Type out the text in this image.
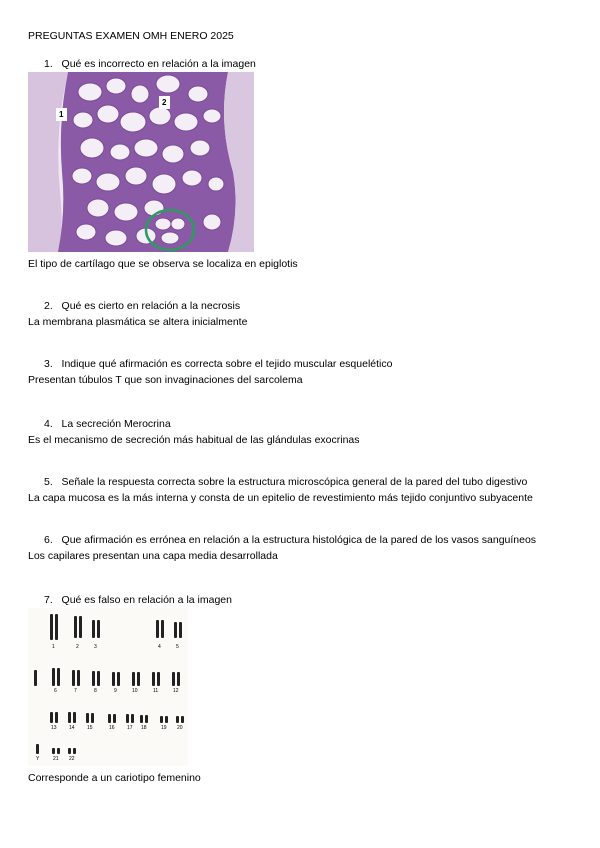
PREGUNTAS EXAMEN OMH ENERO 2025
1. Qué es incorrecto en relación a la imagen
1
2
El tipo de cartílago que se observa se localiza en epiglotis
2. Qué es cierto en relación a la necrosis
La membrana plasmática se altera inicialmente
3. Indique qué afirmación es correcta sobre el tejido muscular esquelético
Presentan túbulos T que son invaginaciones del sarcolema
4. La secreción Merocrina
Es el mecanismo de secreción más habitual de las glándulas exocrinas
5. Señale la respuesta correcta sobre la estructura microscópica general de la pared del tubo digestivo
La capa mucosa es la más interna y consta de un epitelio de revestimiento más tejido conjuntivo subyacente
6. Que afirmación es errónea en relación a la estructura histológica de la pared de los vasos sanguíneos
Los capilares presentan una capa media desarrollada
7. Qué es falso en relación a la imagen
1	2	3	4	5
6	7	8	9	10	11	12
13 14 15	16 17 18	19 20
21 22
Y
Corresponde a un cariotipo femenino
